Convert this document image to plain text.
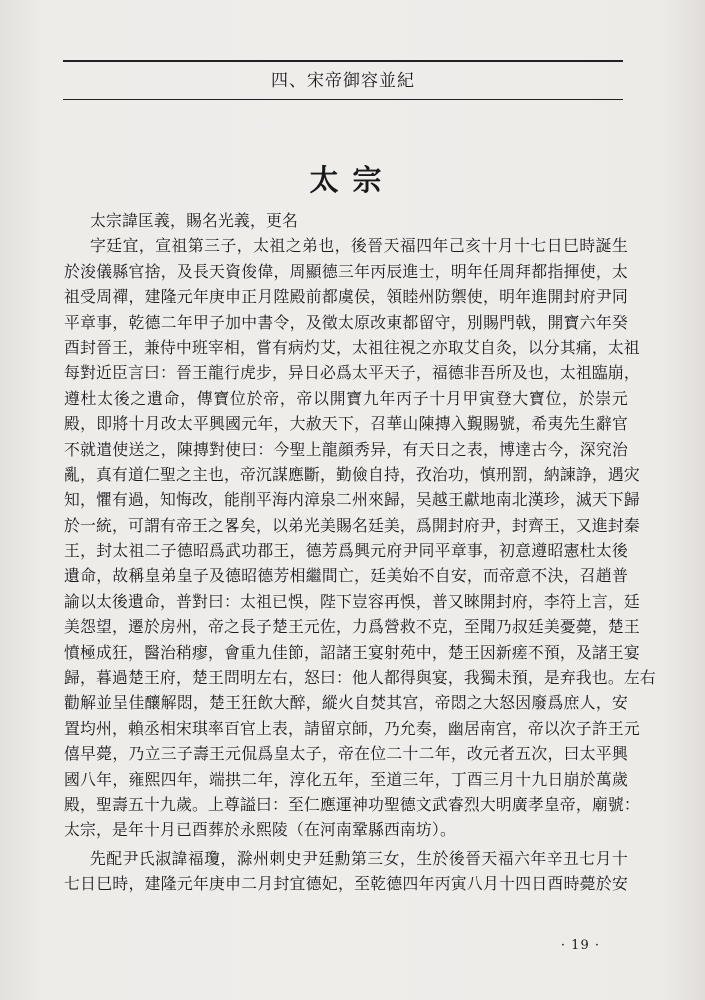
四、宋帝御容並紀
太宗
太宗諱匡義，賜名光義，更名
字廷宜，宣祖第三子，太祖之弟也，後晉天福四年己亥十月十七日巳時誕生
於浚儀縣官捨，及長天資俊偉，周顯德三年丙辰進士，明年任周拜都指揮使，太
祖受周禪，建隆元年庚申正月陞殿前都虞侯，領睦州防禦使，明年進開封府尹同
平章事，乾德二年甲子加中書令，及徵太原改東都留守，別賜門戟，開寶六年癸
酉封晉王，兼侍中班宰相，嘗有病灼艾，太祖往視之亦取艾自灸，以分其痛，太祖
每對近臣言曰：晉王龍行虎步，异日必爲太平天子，福德非吾所及也，太祖臨崩，
遵杜太後之遺命，傳寶位於帝，帝以開寶九年丙子十月甲寅登大寶位，於崇元
殿，即將十月改太平興國元年，大赦天下，召華山陳摶入覲賜號，希夷先生辭官
不就遣使送之，陳摶對使曰：今聖上龍顔秀异，有天日之表，博達古今，深究治
亂，真有道仁聖之主也，帝沉謀應斷，勤儉自持，孜治功，慎刑罰，納諫諍，遇灾
知，懼有過，知悔改，能削平海内漳泉二州來歸，吴越王獻地南北漢珍，滅天下歸
於一統，可謂有帝王之畧矣，以弟光美賜名廷美，爲開封府尹，封齊王，又進封秦
王，封太祖二子德昭爲武功郡王，德芳爲興元府尹同平章事，初意遵昭憲杜太後
遺命，故稱皇弟皇子及德昭德芳相繼間亡，廷美始不自安，而帝意不決，召趙普
諭以太後遺命，普對曰：太祖已悞，陛下豈容再悞，普又睞開封府，李符上言，廷
美怨望，遷於房州，帝之長子楚王元佐，力爲營救不克，至聞乃叔廷美憂薨，楚王
憤極成狂，醫治稍瘳，會重九佳節，詔諸王宴射苑中，楚王因新瘥不預，及諸王宴
歸，暮過楚王府，楚王問明左右，怒曰：他人都得與宴，我獨未預，是弃我也。左右
勸解並呈佳釀解悶，楚王狂飲大醉，縱火自焚其宫，帝悶之大怒因廢爲庶人，安
置均州，賴丞相宋琪率百官上表，請留京師，乃允奏，幽居南宫，帝以次子許王元
僖早薨，乃立三子壽王元侃爲皇太子，帝在位二十二年，改元者五次，曰太平興
國八年，雍熙四年，端拱二年，淳化五年，至道三年，丁酉三月十九日崩於萬歲
殿，聖壽五十九歲。上尊謚曰：至仁應運神功聖德文武睿烈大明廣孝皇帝，廟號：
太宗，是年十月已酉葬於永熙陵（在河南鞏縣西南坊）。
先配尹氏淑諱福瓊，滁州刺史尹廷勳第三女，生於後晉天福六年辛丑七月十
七日巳時，建隆元年庚申二月封宜德妃，至乾德四年丙寅八月十四日酉時薨於安
· 19 ·
